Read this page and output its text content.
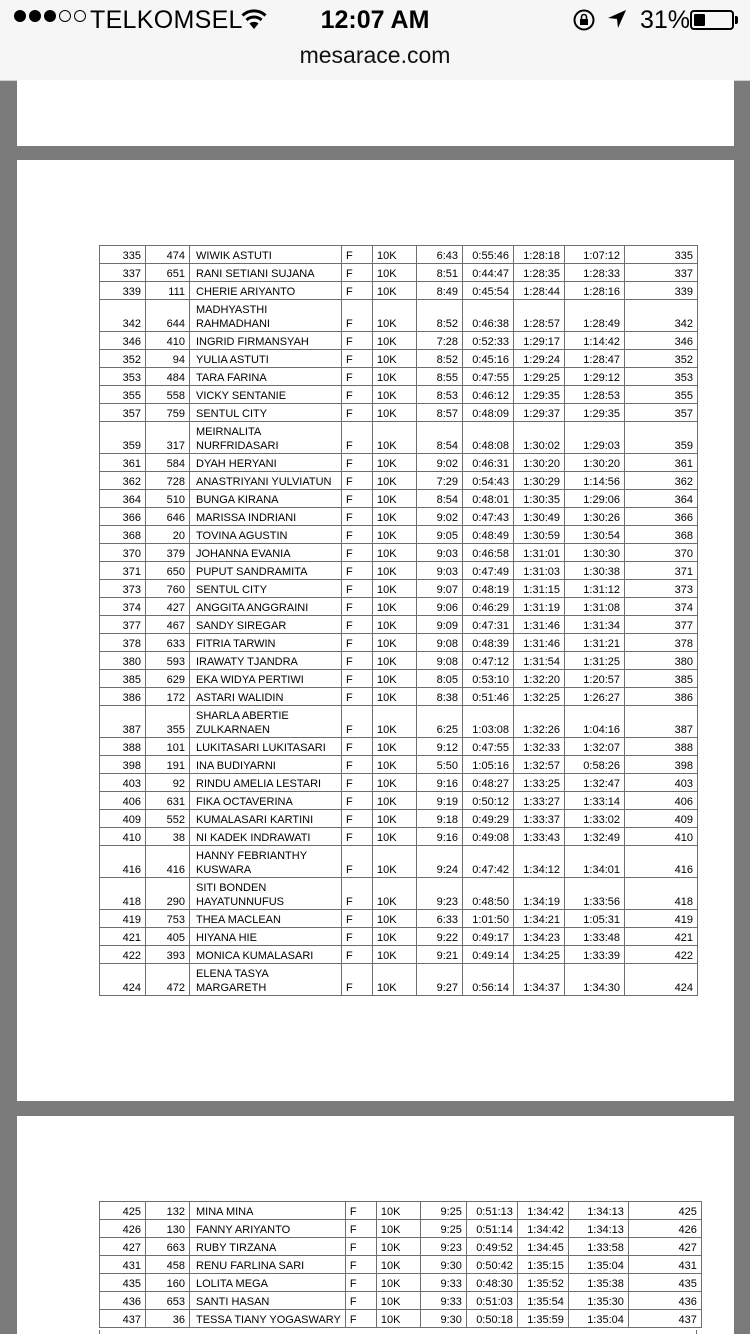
TELKOMSEL	12:07 AM	31%
mesarace.com
335	474	WIWIK ASTUTI	F	10K	6:43	0:55:46	1:28:18	1:07:12	335
337	651	RANI SETIANI SUJANA	F	10K	8:51	0:44:47	1:28:35	1:28:33	337
339	111	CHERIE ARIYANTO	F	10K	8:49	0:45:54	1:28:44	1:28:16	339
342	644	MADHYASTHI
RAHMADHANI	F	10K	8:52	0:46:38	1:28:57	1:28:49	342
346	410	INGRID FIRMANSYAH	F	10K	7:28	0:52:33	1:29:17	1:14:42	346
352	94	YULIA ASTUTI	F	10K	8:52	0:45:16	1:29:24	1:28:47	352
353	484	TARA FARINA	F	10K	8:55	0:47:55	1:29:25	1:29:12	353
355	558	VICKY SENTANIE	F	10K	8:53	0:46:12	1:29:35	1:28:53	355
357	759	SENTUL CITY	F	10K	8:57	0:48:09	1:29:37	1:29:35	357
359	317	MEIRNALITA
NURFRIDASARI	F	10K	8:54	0:48:08	1:30:02	1:29:03	359
361	584	DYAH HERYANI	F	10K	9:02	0:46:31	1:30:20	1:30:20	361
362	728	ANASTRIYANI YULVIATUN	F	10K	7:29	0:54:43	1:30:29	1:14:56	362
364	510	BUNGA KIRANA	F	10K	8:54	0:48:01	1:30:35	1:29:06	364
366	646	MARISSA INDRIANI	F	10K	9:02	0:47:43	1:30:49	1:30:26	366
368	20	TOVINA AGUSTIN	F	10K	9:05	0:48:49	1:30:59	1:30:54	368
370	379	JOHANNA EVANIA	F	10K	9:03	0:46:58	1:31:01	1:30:30	370
371	650	PUPUT SANDRAMITA	F	10K	9:03	0:47:49	1:31:03	1:30:38	371
373	760	SENTUL CITY	F	10K	9:07	0:48:19	1:31:15	1:31:12	373
374	427	ANGGITA ANGGRAINI	F	10K	9:06	0:46:29	1:31:19	1:31:08	374
377	467	SANDY SIREGAR	F	10K	9:09	0:47:31	1:31:46	1:31:34	377
378	633	FITRIA TARWIN	F	10K	9:08	0:48:39	1:31:46	1:31:21	378
380	593	IRAWATY TJANDRA	F	10K	9:08	0:47:12	1:31:54	1:31:25	380
385	629	EKA WIDYA PERTIWI	F	10K	8:05	0:53:10	1:32:20	1:20:57	385
386	172	ASTARI WALIDIN	F	10K	8:38	0:51:46	1:32:25	1:26:27	386
387	355	SHARLA ABERTIE
ZULKARNAEN	F	10K	6:25	1:03:08	1:32:26	1:04:16	387
388	101	LUKITASARI LUKITASARI	F	10K	9:12	0:47:55	1:32:33	1:32:07	388
398	191	INA BUDIYARNI	F	10K	5:50	1:05:16	1:32:57	0:58:26	398
403	92	RINDU AMELIA LESTARI	F	10K	9:16	0:48:27	1:33:25	1:32:47	403
406	631	FIKA OCTAVERINA	F	10K	9:19	0:50:12	1:33:27	1:33:14	406
409	552	KUMALASARI KARTINI	F	10K	9:18	0:49:29	1:33:37	1:33:02	409
410	38	NI KADEK INDRAWATI	F	10K	9:16	0:49:08	1:33:43	1:32:49	410
416	416	HANNY FEBRIANTHY
KUSWARA	F	10K	9:24	0:47:42	1:34:12	1:34:01	416
418	290	SITI BONDEN
HAYATUNNUFUS	F	10K	9:23	0:48:50	1:34:19	1:33:56	418
419	753	THEA MACLEAN	F	10K	6:33	1:01:50	1:34:21	1:05:31	419
421	405	HIYANA HIE	F	10K	9:22	0:49:17	1:34:23	1:33:48	421
422	393	MONICA KUMALASARI	F	10K	9:21	0:49:14	1:34:25	1:33:39	422
424	472	ELENA TASYA
MARGARETH	F	10K	9:27	0:56:14	1:34:37	1:34:30	424
425	132	MINA MINA	F	10K	9:25	0:51:13	1:34:42	1:34:13	425
426	130	FANNY ARIYANTO	F	10K	9:25	0:51:14	1:34:42	1:34:13	426
427	663	RUBY TIRZANA	F	10K	9:23	0:49:52	1:34:45	1:33:58	427
431	458	RENU FARLINA SARI	F	10K	9:30	0:50:42	1:35:15	1:35:04	431
435	160	LOLITA MEGA	F	10K	9:33	0:48:30	1:35:52	1:35:38	435
436	653	SANTI HASAN	F	10K	9:33	0:51:03	1:35:54	1:35:30	436
437	36	TESSA TIANY YOGASWARY	F	10K	9:30	0:50:18	1:35:59	1:35:04	437
